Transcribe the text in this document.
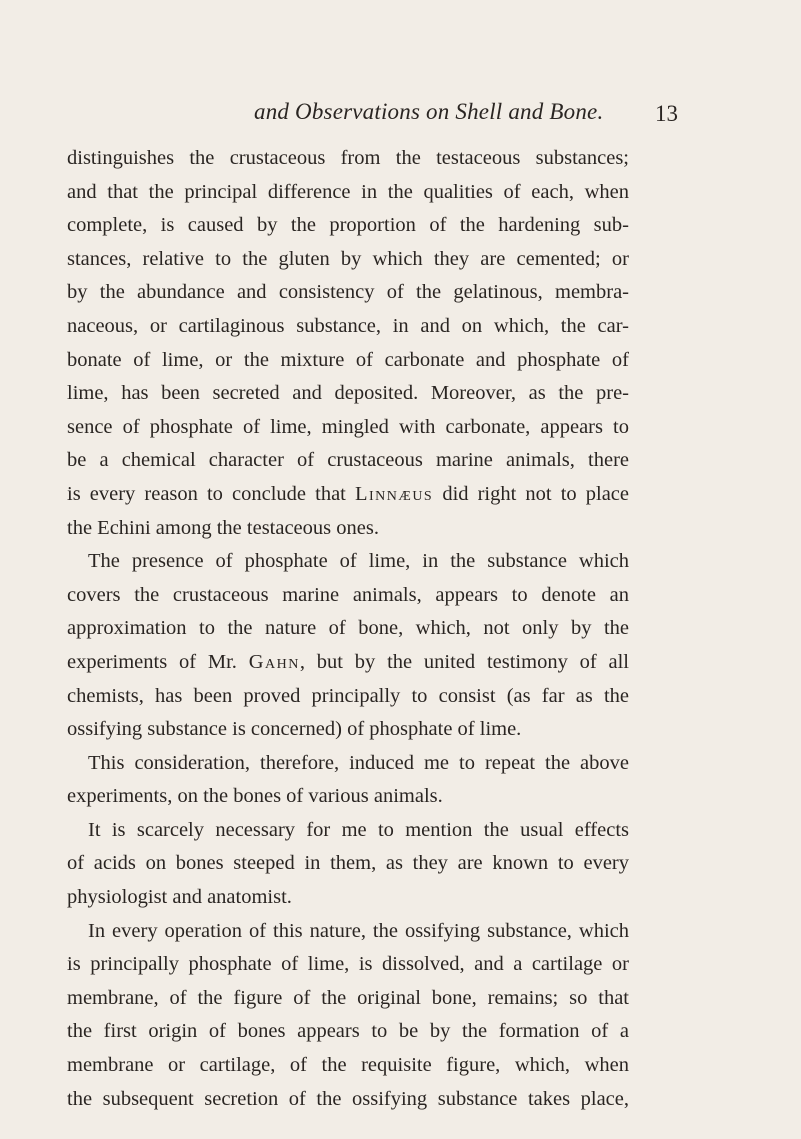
and Observations on Shell and Bone. 13
distinguishes the crustaceous from the testaceous substances;
and that the principal difference in the qualities of each, when
complete, is caused by the proportion of the hardening sub-
stances, relative to the gluten by which they are cemented; or
by the abundance and consistency of the gelatinous, membra-
naceous, or cartilaginous substance, in and on which, the car-
bonate of lime, or the mixture of carbonate and phosphate of
lime, has been secreted and deposited. Moreover, as the pre-
sence of phosphate of lime, mingled with carbonate, appears to
be a chemical character of crustaceous marine animals, there
is every reason to conclude that Linnæus did right not to place
the Echini among the testaceous ones.
The presence of phosphate of lime, in the substance which
covers the crustaceous marine animals, appears to denote an
approximation to the nature of bone, which, not only by the
experiments of Mr. Gahn, but by the united testimony of all
chemists, has been proved principally to consist (as far as the
ossifying substance is concerned) of phosphate of lime.
This consideration, therefore, induced me to repeat the above
experiments, on the bones of various animals.
It is scarcely necessary for me to mention the usual effects
of acids on bones steeped in them, as they are known to every
physiologist and anatomist.
In every operation of this nature, the ossifying substance, which
is principally phosphate of lime, is dissolved, and a cartilage or
membrane, of the figure of the original bone, remains; so that
the first origin of bones appears to be by the formation of a
membrane or cartilage, of the requisite figure, which, when
the subsequent secretion of the ossifying substance takes place,
